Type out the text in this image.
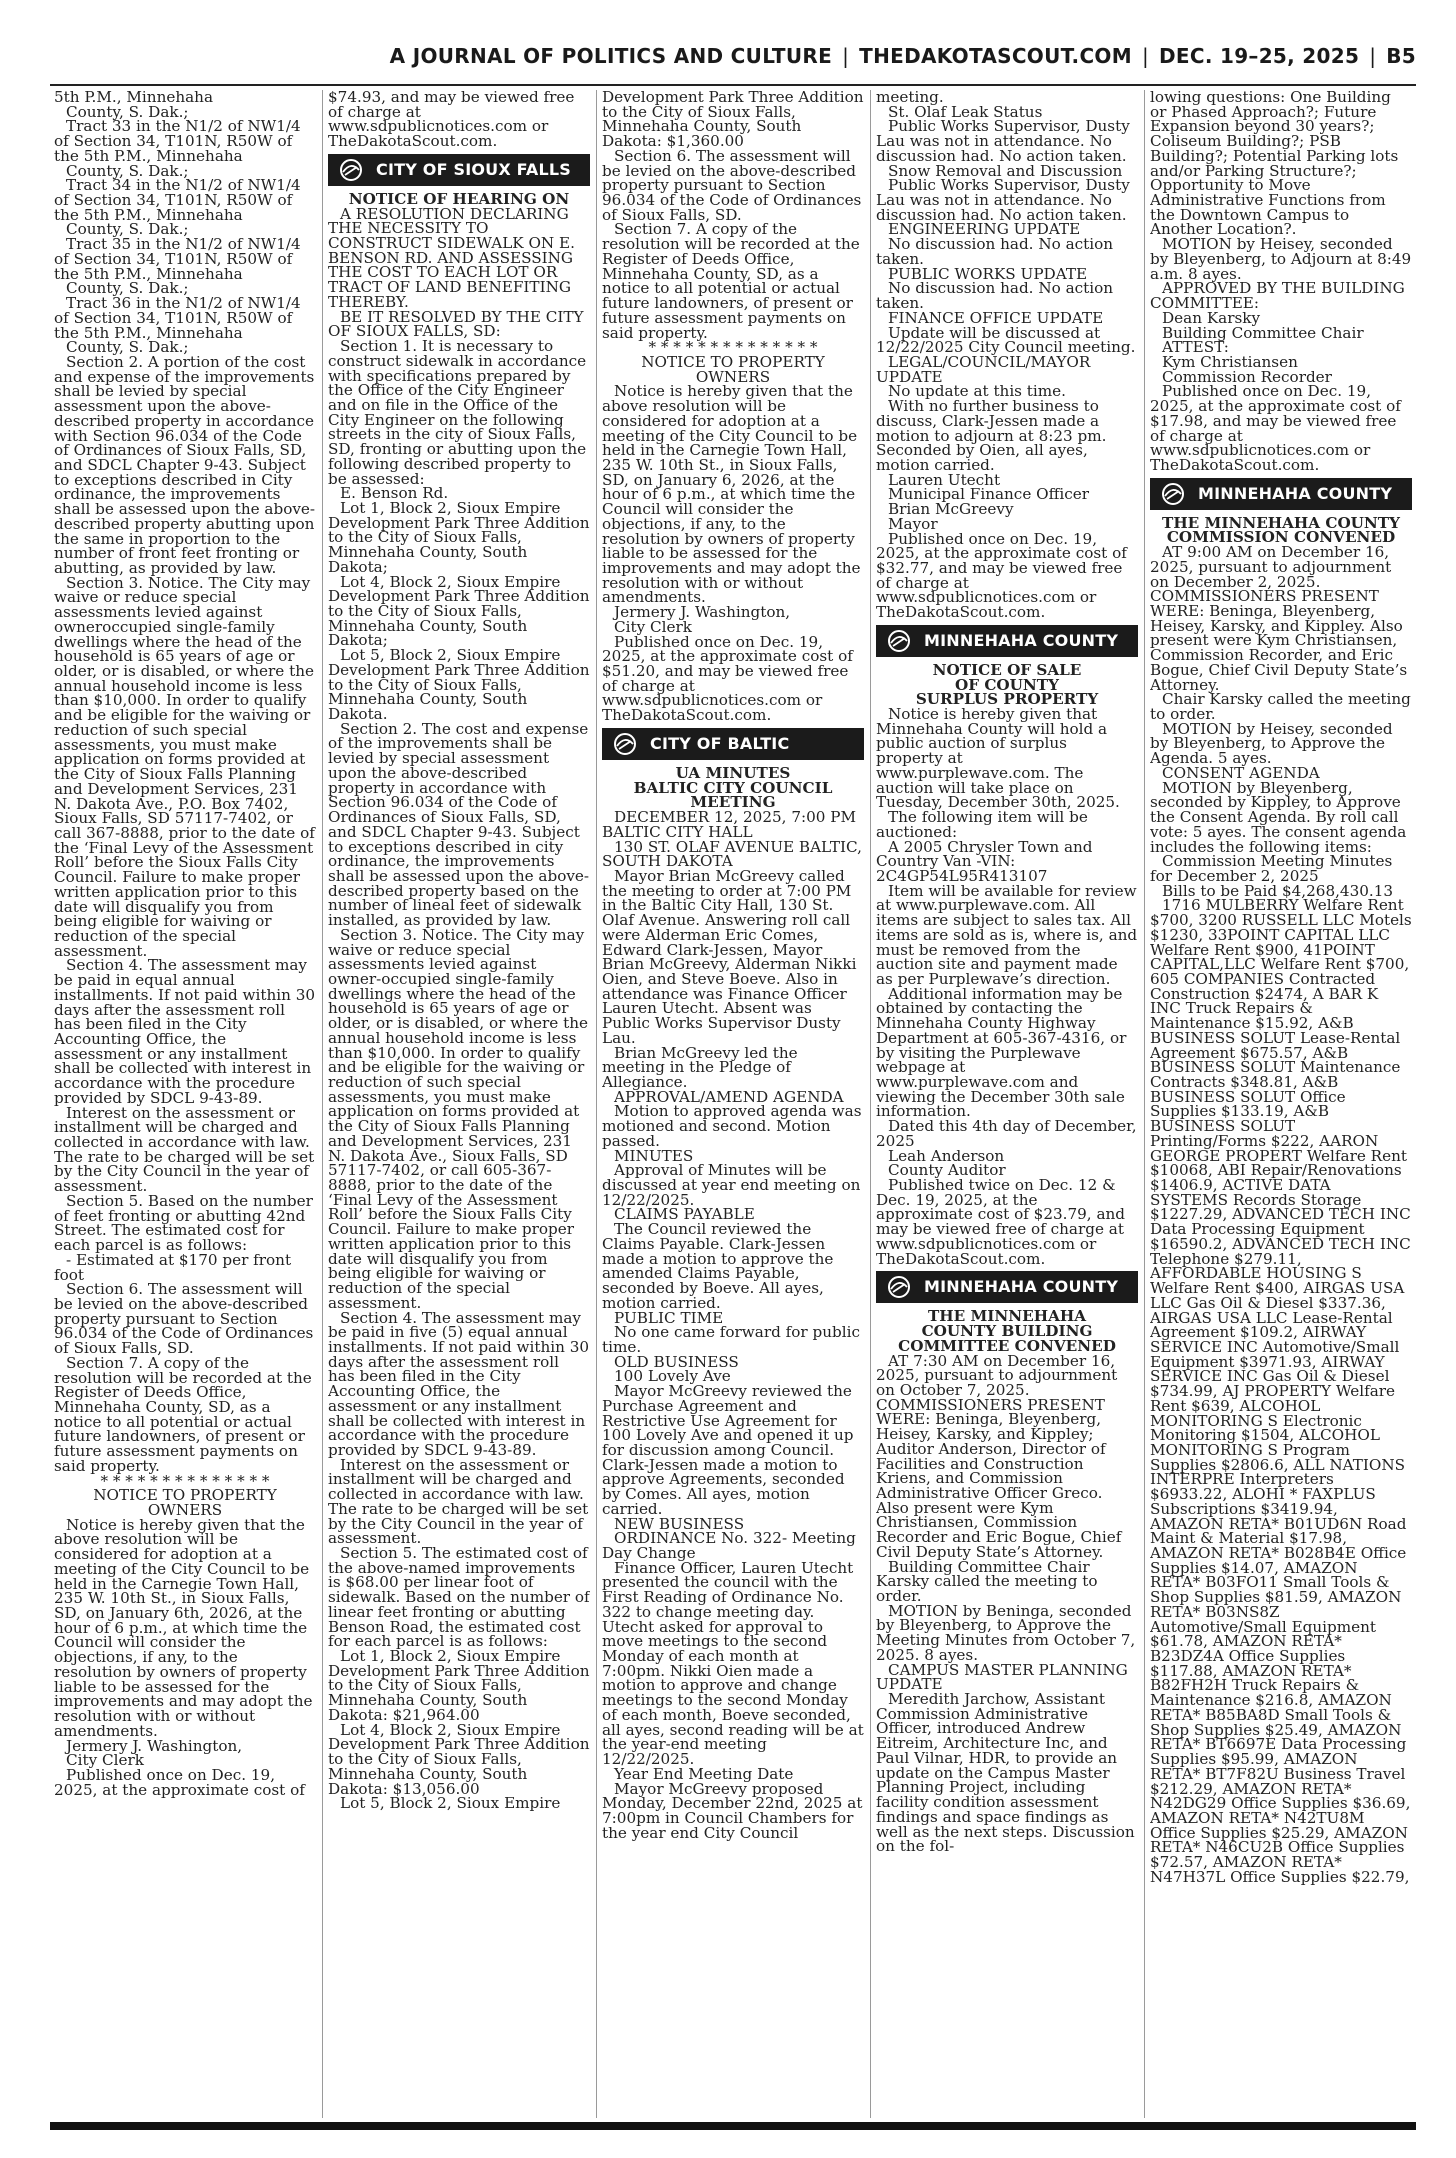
A JOURNAL OF POLITICS AND CULTURE | THEDAKOTASCOUT.COM | DEC. 19–25, 2025 | B5

5th P.M., Minnehaha

County, S. Dak.;

Tract 33 in the N1/2 of NW1/4 of Section 34, T101N, R50W of the 5th P.M., Minnehaha

County, S. Dak.;

Tract 34 in the N1/2 of NW1/4 of Section 34, T101N, R50W of the 5th P.M., Minnehaha

County, S. Dak.;

Tract 35 in the N1/2 of NW1/4 of Section 34, T101N, R50W of the 5th P.M., Minnehaha

County, S. Dak.;

Tract 36 in the N1/2 of NW1/4 of Section 34, T101N, R50W of the 5th P.M., Minnehaha

County, S. Dak.;

Section 2. A portion of the cost and expense of the improvements shall be levied by special assessment upon the above-described property in accordance with Section 96.034 of the Code of Ordinances of Sioux Falls, SD, and SDCL Chapter 9-43. Subject to exceptions described in City ordinance, the improvements shall be assessed upon the above-described property abutting upon the same in proportion to the number of front feet fronting or abutting, as provided by law.

Section 3. Notice. The City may waive or reduce special assessments levied against owneroccupied single-family dwellings where the head of the household is 65 years of age or older, or is disabled, or where the annual household income is less than $10,000. In order to qualify and be eligible for the waiving or reduction of such special assessments, you must make application on forms provided at the City of Sioux Falls Planning and Development Services, 231 N. Dakota Ave., P.O. Box 7402, Sioux Falls, SD 57117-7402, or call 367-8888, prior to the date of the ‘Final Levy of the Assessment Roll’ before the Sioux Falls City Council. Failure to make proper written application prior to this date will disqualify you from being eligible for waiving or reduction of the special assessment.

Section 4. The assessment may be paid in equal annual installments. If not paid within 30 days after the assessment roll has been filed in the City Accounting Office, the assessment or any installment shall be collected with interest in accordance with the procedure provided by SDCL 9-43-89.

Interest on the assessment or installment will be charged and collected in accordance with law. The rate to be charged will be set by the City Council in the year of assessment.

Section 5. Based on the number of feet fronting or abutting 42nd Street. The estimated cost for each parcel is as follows:

- Estimated at $170 per front foot

Section 6. The assessment will be levied on the above-described property pursuant to Section 96.034 of the Code of Ordinances of Sioux Falls, SD.

Section 7. A copy of the resolution will be recorded at the Register of Deeds Office, Minnehaha County, SD, as a notice to all potential or actual future landowners, of present or future assessment payments on said property.

* * * * * * * * * * * * * *

NOTICE TO PROPERTY OWNERS

Notice is hereby given that the above resolution will be considered for adoption at a meeting of the City Council to be held in the Carnegie Town Hall, 235 W. 10th St., in Sioux Falls, SD, on January 6th, 2026, at the hour of 6 p.m., at which time the Council will consider the objections, if any, to the resolution by owners of property liable to be assessed for the improvements and may adopt the resolution with or without amendments.

Jermery J. Washington,

City Clerk

Published once on Dec. 19, 2025, at the approximate cost of

$74.93, and may be viewed free of charge at www.sdpublicnotices.com or TheDakotaScout.com.

CITY OF SIOUX FALLS

NOTICE OF HEARING ON

A RESOLUTION DECLARING THE NECESSITY TO CONSTRUCT SIDEWALK ON E. BENSON RD. AND ASSESSING THE COST TO EACH LOT OR TRACT OF LAND BENEFITING THEREBY.

BE IT RESOLVED BY THE CITY OF SIOUX FALLS, SD:

Section 1. It is necessary to construct sidewalk in accordance with specifications prepared by the Office of the City Engineer and on file in the Office of the City Engineer on the following streets in the city of Sioux Falls, SD, fronting or abutting upon the following described property to be assessed:

E. Benson Rd.

Lot 1, Block 2, Sioux Empire Development Park Three Addition to the City of Sioux Falls, Minnehaha County, South Dakota;

Lot 4, Block 2, Sioux Empire Development Park Three Addition to the City of Sioux Falls, Minnehaha County, South Dakota;

Lot 5, Block 2, Sioux Empire Development Park Three Addition to the City of Sioux Falls, Minnehaha County, South Dakota.

Section 2. The cost and expense of the improvements shall be levied by special assessment upon the above-described property in accordance with Section 96.034 of the Code of Ordinances of Sioux Falls, SD, and SDCL Chapter 9-43. Subject to exceptions described in city ordinance, the improvements shall be assessed upon the above-described property based on the number of lineal feet of sidewalk installed, as provided by law.

Section 3. Notice. The City may waive or reduce special assessments levied against owner-occupied single-family dwellings where the head of the household is 65 years of age or older, or is disabled, or where the annual household income is less than $10,000. In order to qualify and be eligible for the waiving or reduction of such special assessments, you must make application on forms provided at the City of Sioux Falls Planning and Development Services, 231 N. Dakota Ave., Sioux Falls, SD 57117-7402, or call 605-367-8888, prior to the date of the ‘Final Levy of the Assessment Roll’ before the Sioux Falls City Council. Failure to make proper written application prior to this date will disqualify you from being eligible for waiving or reduction of the special assessment.

Section 4. The assessment may be paid in five (5) equal annual installments. If not paid within 30 days after the assessment roll has been filed in the City Accounting Office, the assessment or any installment shall be collected with interest in accordance with the procedure provided by SDCL 9-43-89.

Interest on the assessment or installment will be charged and collected in accordance with law. The rate to be charged will be set by the City Council in the year of assessment.

Section 5. The estimated cost of the above-named improvements is $68.00 per linear foot of sidewalk. Based on the number of linear feet fronting or abutting Benson Road, the estimated cost for each parcel is as follows:

Lot 1, Block 2, Sioux Empire Development Park Three Addition to the City of Sioux Falls, Minnehaha County, South Dakota: $21,964.00

Lot 4, Block 2, Sioux Empire Development Park Three Addition to the City of Sioux Falls, Minnehaha County, South Dakota: $13,056.00

Lot 5, Block 2, Sioux Empire

Development Park Three Addition to the City of Sioux Falls, Minnehaha County, South Dakota: $1,360.00

Section 6. The assessment will be levied on the above-described property pursuant to Section 96.034 of the Code of Ordinances of Sioux Falls, SD.

Section 7. A copy of the resolution will be recorded at the Register of Deeds Office, Minnehaha County, SD, as a notice to all potential or actual future landowners, of present or future assessment payments on said property.

* * * * * * * * * * * * * *

NOTICE TO PROPERTY OWNERS

Notice is hereby given that the above resolution will be considered for adoption at a meeting of the City Council to be held in the Carnegie Town Hall, 235 W. 10th St., in Sioux Falls, SD, on January 6, 2026, at the hour of 6 p.m., at which time the Council will consider the objections, if any, to the resolution by owners of property liable to be assessed for the improvements and may adopt the resolution with or without amendments.

Jermery J. Washington,

City Clerk

Published once on Dec. 19, 2025, at the approximate cost of $51.20, and may be viewed free of charge at www.sdpublicnotices.com or TheDakotaScout.com.

CITY OF BALTIC

UA MINUTES

BALTIC CITY COUNCIL MEETING

DECEMBER 12, 2025, 7:00 PM BALTIC CITY HALL

130 ST. OLAF AVENUE BALTIC, SOUTH DAKOTA

Mayor Brian McGreevy called the meeting to order at 7:00 PM in the Baltic City Hall, 130 St. Olaf Avenue. Answering roll call were Alderman Eric Comes, Edward Clark-Jessen, Mayor Brian McGreevy, Alderman Nikki Oien, and Steve Boeve. Also in attendance was Finance Officer Lauren Utecht. Absent was Public Works Supervisor Dusty Lau.

Brian McGreevy led the meeting in the Pledge of Allegiance.

APPROVAL/AMEND AGENDA

Motion to approved agenda was motioned and second. Motion passed.

MINUTES

Approval of Minutes will be discussed at year end meeting on 12/22/2025.

CLAIMS PAYABLE

The Council reviewed the Claims Payable. Clark-Jessen made a motion to approve the amended Claims Payable, seconded by Boeve. All ayes, motion carried.

PUBLIC TIME

No one came forward for public time.

OLD BUSINESS

100 Lovely Ave

Mayor McGreevy reviewed the Purchase Agreement and Restrictive Use Agreement for 100 Lovely Ave and opened it up for discussion among Council. Clark-Jessen made a motion to approve Agreements, seconded by Comes. All ayes, motion carried.

NEW BUSINESS

ORDINANCE No. 322- Meeting Day Change

Finance Officer, Lauren Utecht presented the council with the First Reading of Ordinance No. 322 to change meeting day. Utecht asked for approval to move meetings to the second Monday of each month at 7:00pm. Nikki Oien made a motion to approve and change meetings to the second Monday of each month, Boeve seconded, all ayes, second reading will be at the year-end meeting 12/22/2025.

Year End Meeting Date

Mayor McGreevy proposed Monday, December 22nd, 2025 at 7:00pm in Council Chambers for the year end City Council

meeting.

St. Olaf Leak Status

Public Works Supervisor, Dusty Lau was not in attendance. No discussion had. No action taken.

Snow Removal and Discussion

Public Works Supervisor, Dusty Lau was not in attendance. No discussion had. No action taken.

ENGINEERING UPDATE

No discussion had. No action taken.

PUBLIC WORKS UPDATE

No discussion had. No action taken.

FINANCE OFFICE UPDATE

Update will be discussed at 12/22/2025 City Council meeting.

LEGAL/COUNCIL/MAYOR UPDATE

No update at this time.

With no further business to discuss, Clark-Jessen made a motion to adjourn at 8:23 pm. Seconded by Oien, all ayes, motion carried.

Lauren Utecht

Municipal Finance Officer

Brian McGreevy

Mayor

Published once on Dec. 19, 2025, at the approximate cost of $32.77, and may be viewed free of charge at www.sdpublicnotices.com or TheDakotaScout.com.

MINNEHAHA COUNTY

NOTICE OF SALE

OF COUNTY

SURPLUS PROPERTY

Notice is hereby given that Minnehaha County will hold a public auction of surplus property at www.purplewave.com. The auction will take place on Tuesday, December 30th, 2025.

The following item will be auctioned:

A 2005 Chrysler Town and Country Van -VIN: 2C4GP54L95R413107

Item will be available for review at www.purplewave.com. All items are subject to sales tax. All items are sold as is, where is, and must be removed from the auction site and payment made as per Purplewave’s direction.

Additional information may be obtained by contacting the Minnehaha County Highway Department at 605-367-4316, or by visiting the Purplewave webpage at www.purplewave.com and viewing the December 30th sale information.

Dated this 4th day of December, 2025

Leah Anderson

County Auditor

Published twice on Dec. 12 & Dec. 19, 2025, at the approximate cost of $23.79, and may be viewed free of charge at www.sdpublicnotices.com or TheDakotaScout.com.

MINNEHAHA COUNTY

THE MINNEHAHA

COUNTY BUILDING

COMMITTEE CONVENED

AT 7:30 AM on December 16, 2025, pursuant to adjournment on October 7, 2025. COMMISSIONERS PRESENT WERE: Beninga, Bleyenberg, Heisey, Karsky, and Kippley; Auditor Anderson, Director of Facilities and Construction Kriens, and Commission Administrative Officer Greco. Also present were Kym Christiansen, Commission Recorder and Eric Bogue, Chief Civil Deputy State’s Attorney.

Building Committee Chair Karsky called the meeting to order.

MOTION by Beninga, seconded by Bleyenberg, to Approve the Meeting Minutes from October 7, 2025. 8 ayes.

CAMPUS MASTER PLANNING UPDATE

Meredith Jarchow, Assistant Commission Administrative Officer, introduced Andrew Eitreim, Architecture Inc, and Paul Vilnar, HDR, to provide an update on the Campus Master Planning Project, including facility condition assessment findings and space findings as well as the next steps. Discussion on the fol-

lowing questions: One Building or Phased Approach?; Future Expansion beyond 30 years?; Coliseum Building?; PSB Building?; Potential Parking lots and/or Parking Structure?; Opportunity to Move Administrative Functions from the Downtown Campus to Another Location?.

MOTION by Heisey, seconded by Bleyenberg, to Adjourn at 8:49 a.m. 8 ayes.

APPROVED BY THE BUILDING COMMITTEE:

Dean Karsky

Building Committee Chair

ATTEST:

Kym Christiansen

Commission Recorder

Published once on Dec. 19, 2025, at the approximate cost of $17.98, and may be viewed free of charge at www.sdpublicnotices.com or TheDakotaScout.com.

MINNEHAHA COUNTY

THE MINNEHAHA COUNTY

COMMISSION CONVENED

AT 9:00 AM on December 16, 2025, pursuant to adjournment on December 2, 2025. COMMISSIONERS PRESENT WERE: Beninga, Bleyenberg, Heisey, Karsky, and Kippley. Also present were Kym Christiansen, Commission Recorder, and Eric Bogue, Chief Civil Deputy State’s Attorney.

Chair Karsky called the meeting to order.

MOTION by Heisey, seconded by Bleyenberg, to Approve the Agenda. 5 ayes.

CONSENT AGENDA

MOTION by Bleyenberg, seconded by Kippley, to Approve the Consent Agenda. By roll call vote: 5 ayes. The consent agenda includes the following items:

Commission Meeting Minutes for December 2, 2025

Bills to be Paid $4,268,430.13

1716 MULBERRY Welfare Rent $700, 3200 RUSSELL LLC Motels $1230, 33POINT CAPITAL LLC Welfare Rent $900, 41POINT CAPITAL,LLC Welfare Rent $700, 605 COMPANIES Contracted Construction $2474, A BAR K INC Truck Repairs & Maintenance $15.92, A&B BUSINESS SOLUT Lease-Rental Agreement $675.57, A&B BUSINESS SOLUT Maintenance Contracts $348.81, A&B BUSINESS SOLUT Office Supplies $133.19, A&B BUSINESS SOLUT Printing/Forms $222, AARON GEORGE PROPERT Welfare Rent $10068, ABI Repair/Renovations $1406.9, ACTIVE DATA SYSTEMS Records Storage $1227.29, ADVANCED TECH INC Data Processing Equipment $16590.2, ADVANCED TECH INC Telephone $279.11, AFFORDABLE HOUSING S Welfare Rent $400, AIRGAS USA LLC Gas Oil & Diesel $337.36, AIRGAS USA LLC Lease-Rental Agreement $109.2, AIRWAY SERVICE INC Automotive/Small Equipment $3971.93, AIRWAY SERVICE INC Gas Oil & Diesel $734.99, AJ PROPERTY Welfare Rent $639, ALCOHOL MONITORING S Electronic Monitoring $1504, ALCOHOL MONITORING S Program Supplies $2806.6, ALL NATIONS INTERPRE Interpreters $6933.22, ALOHI * FAXPLUS Subscriptions $3419.94, AMAZON RETA* B01UD6N Road Maint & Material $17.98, AMAZON RETA* B028B4E Office Supplies $14.07, AMAZON RETA* B03FO11 Small Tools & Shop Supplies $81.59, AMAZON RETA* B03NS8Z Automotive/Small Equipment $61.78, AMAZON RETA* B23DZ4A Office Supplies $117.88, AMAZON RETA* B82FH2H Truck Repairs & Maintenance $216.8, AMAZON RETA* B85BA8D Small Tools & Shop Supplies $25.49, AMAZON RETA* BT6697E Data Processing Supplies $95.99, AMAZON RETA* BT7F82U Business Travel $212.29, AMAZON RETA* N42DG29 Office Supplies $36.69, AMAZON RETA* N42TU8M Office Supplies $25.29, AMAZON RETA* N46CU2B Office Supplies $72.57, AMAZON RETA* N47H37L Office Supplies $22.79,
